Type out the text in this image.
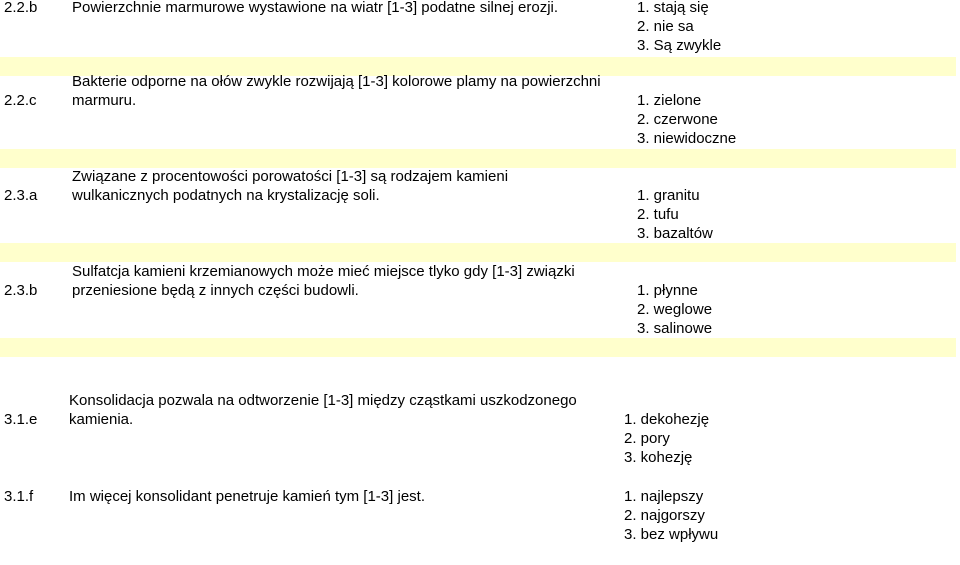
2.2.b Powierzchnie marmurowe wystawione na wiatr [1-3] podatne silnej erozji.	1. stają się
2. nie sa
3. Są zwykle
2.2.c
Bakterie odporne na ołów zwykle rozwijają [1-3] kolorowe plamy na powierzchni
marmuru.	1. zielone
2. czerwone
3. niewidoczne
2.3.a
Związane z procentowości porowatości [1-3] są rodzajem kamieni
wulkanicznych podatnych na krystalizację soli.	1. granitu
2. tufu
3. bazaltów
2.3.b
Sulfatcja kamieni krzemianowych może mieć miejsce tlyko gdy [1-3] związki
przeniesione będą z innych części budowli.	1. płynne
2. weglowe
3. salinowe
3.1.e
Konsolidacja pozwala na odtworzenie [1-3] między cząstkami uszkodzonego
kamienia.	1. dekohezję
2. pory
3. kohezję
3.1.f Im więcej konsolidant penetruje kamień tym [1-3] jest.	1. najlepszy
2. najgorszy
3. bez wpływu
